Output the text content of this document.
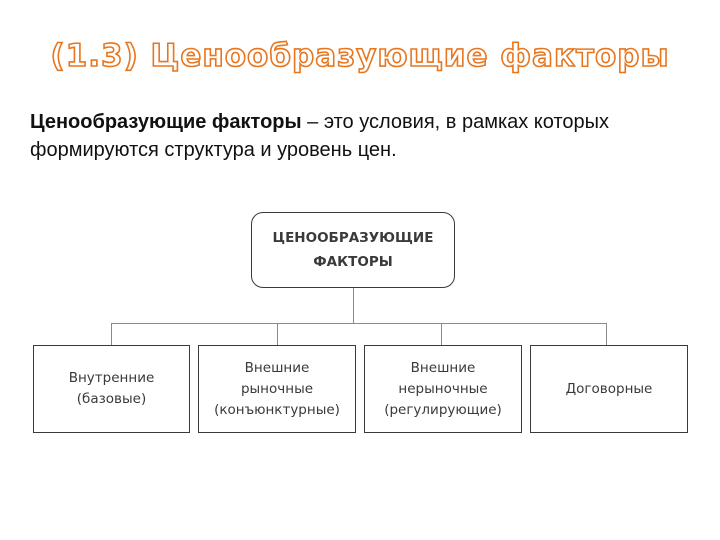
(1.3) Ценообразующие факторы
Ценообразующие факторы – это условия, в рамках которых формируются структура и уровень цен.
ЦЕНООБРАЗУЮЩИЕ
ФАКТОРЫ
Внутренние
(базовые)
Внешние
рыночные
(конъюнктурные)
Внешние
нерыночные
(регулирующие)
Договорные
